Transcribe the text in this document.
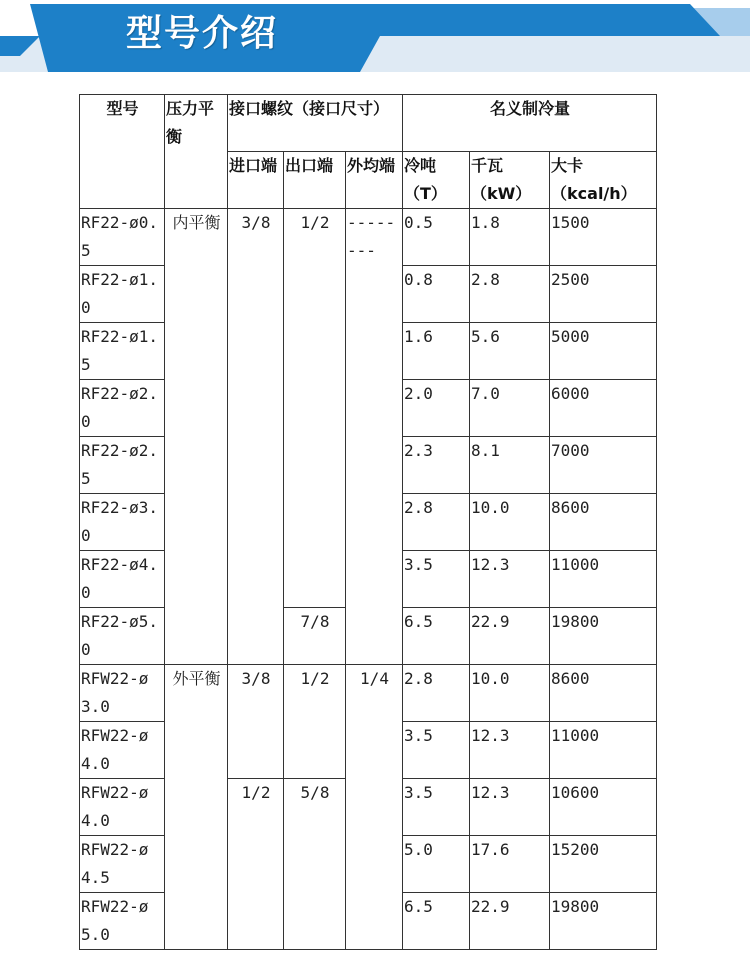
型号介绍
型号	压力平衡	接口螺纹（接口尺寸）			名义制冷量		
		进口端	出口端	外均端	冷吨（T）	千瓦（kW）	大卡（kcal/h）
RF22-ø0.5	内平衡	3/8	1/2	--------	0.5	1.8	1500
RF22-ø1.0					0.8	2.8	2500
RF22-ø1.5					1.6	5.6	5000
RF22-ø2.0					2.0	7.0	6000
RF22-ø2.5					2.3	8.1	7000
RF22-ø3.0					2.8	10.0	8600
RF22-ø4.0					3.5	12.3	11000
RF22-ø5.0			7/8		6.5	22.9	19800
RFW22-ø3.0	外平衡	3/8	1/2	1/4	2.8	10.0	8600
RFW22-ø4.0					3.5	12.3	11000
RFW22-ø4.0		1/2	5/8		3.5	12.3	10600
RFW22-ø4.5					5.0	17.6	15200
RFW22-ø5.0					6.5	22.9	19800
